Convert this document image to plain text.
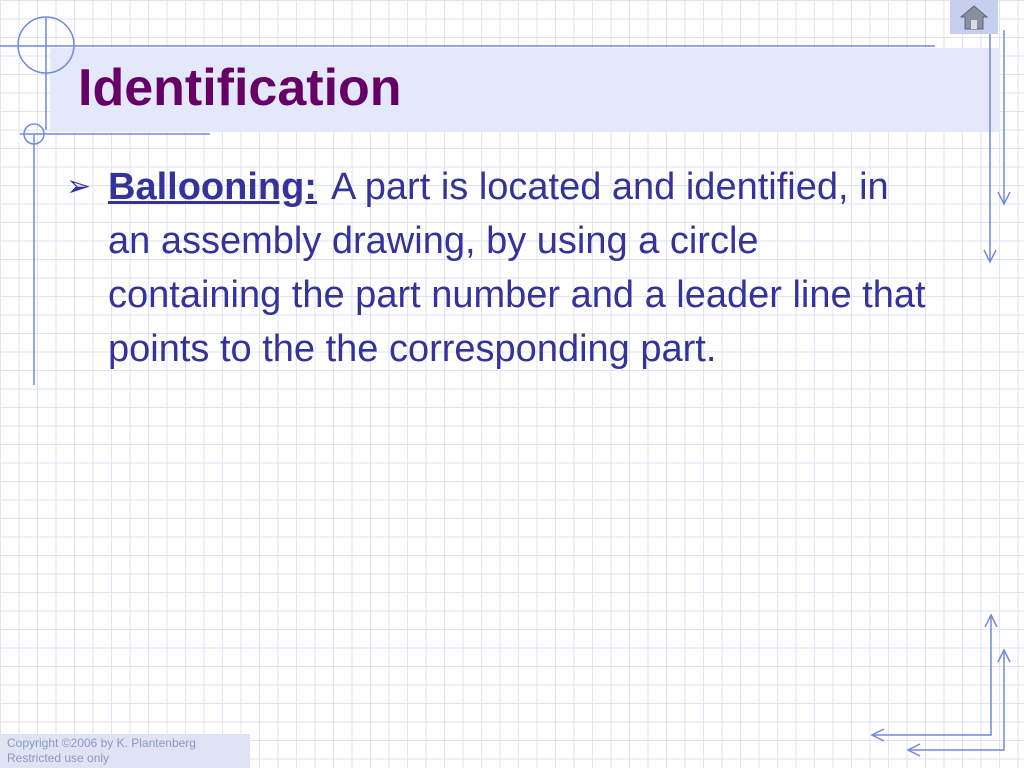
Identification
➢ Ballooning: A part is located and identified, in an assembly drawing, by using a circle containing the part number and a leader line that points to the the corresponding part.
Copyright ©2006 by K. Plantenberg
Restricted use only
